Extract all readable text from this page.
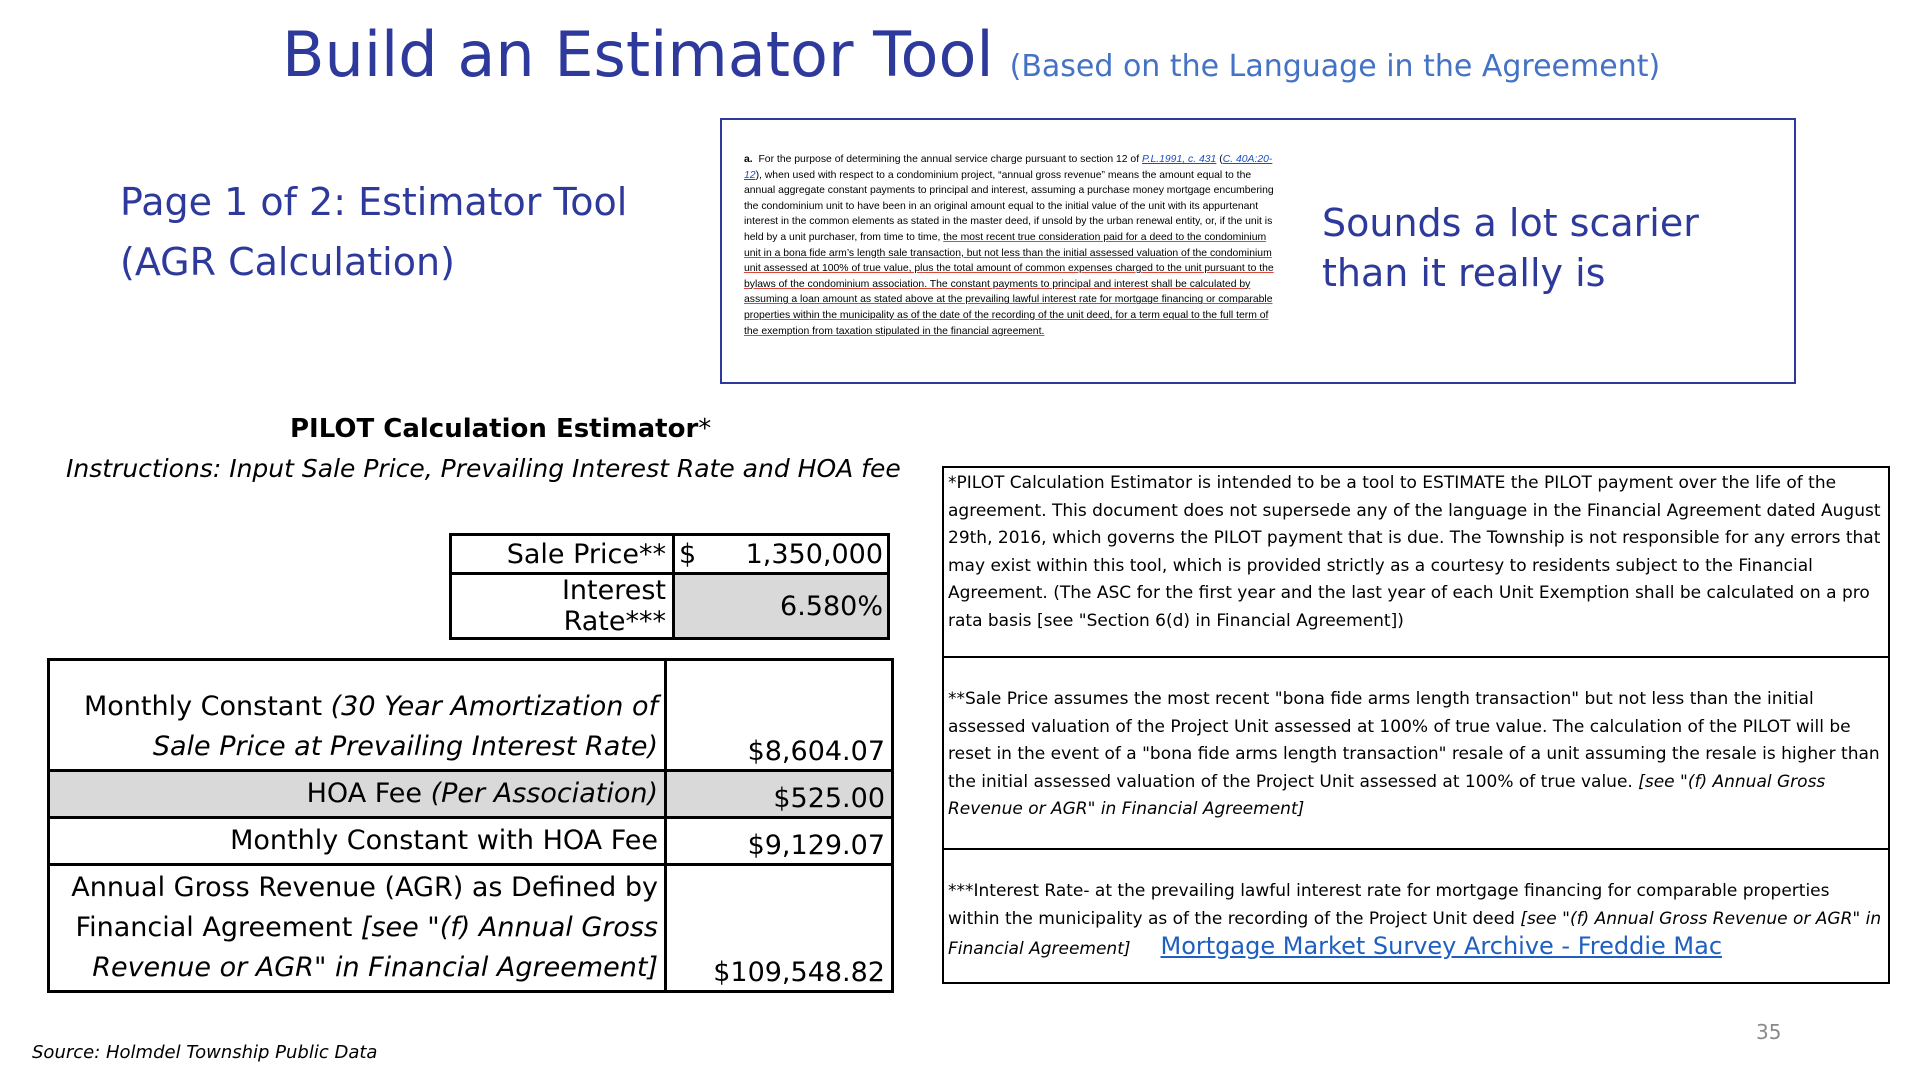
Build an Estimator Tool (Based on the Language in the Agreement)
Page 1 of 2: Estimator Tool
(AGR Calculation)
a. For the purpose of determining the annual service charge pursuant to section 12 of P.L.1991, c. 431 (C. 40A:20-12), when used with respect to a condominium project, “annual gross revenue” means the amount equal to the annual aggregate constant payments to principal and interest, assuming a purchase money mortgage encumbering the condominium unit to have been in an original amount equal to the initial value of the unit with its appurtenant interest in the common elements as stated in the master deed, if unsold by the urban renewal entity, or, if the unit is held by a unit purchaser, from time to time, the most recent true consideration paid for a deed to the condominium unit in a bona fide arm’s length sale transaction, but not less than the initial assessed valuation of the condominium unit assessed at 100% of true value, plus the total amount of common expenses charged to the unit pursuant to the bylaws of the condominium association. The constant payments to principal and interest shall be calculated by assuming a loan amount as stated above at the prevailing lawful interest rate for mortgage financing or comparable properties within the municipality as of the date of the recording of the unit deed, for a term equal to the full term of the exemption from taxation stipulated in the financial agreement.
Sounds a lot scarier
than it really is
PILOT Calculation Estimator*
Instructions: Input Sale Price, Prevailing Interest Rate and HOA fee
Sale Price**	$ 1,350,000

Interest Rate***	6.580%
Monthly Constant (30 Year Amortization of Sale Price at Prevailing Interest Rate)	$8,604.07
HOA Fee (Per Association)	$525.00
Monthly Constant with HOA Fee	$9,129.07
Annual Gross Revenue (AGR) as Defined by Financial Agreement [see "(f) Annual Gross Revenue or AGR" in Financial Agreement]	$109,548.82
*PILOT Calculation Estimator is intended to be a tool to ESTIMATE the PILOT payment over the life of the agreement. This document does not supersede any of the language in the Financial Agreement dated August 29th, 2016, which governs the PILOT payment that is due. The Township is not responsible for any errors that may exist within this tool, which is provided strictly as a courtesy to residents subject to the Financial Agreement. (The ASC for the first year and the last year of each Unit Exemption shall be calculated on a pro rata basis [see "Section 6(d) in Financial Agreement])
**Sale Price assumes the most recent "bona fide arms length transaction" but not less than the initial assessed valuation of the Project Unit assessed at 100% of true value. The calculation of the PILOT will be reset in the event of a "bona fide arms length transaction" resale of a unit assuming the resale is higher than the initial assessed valuation of the Project Unit assessed at 100% of true value. [see "(f) Annual Gross Revenue or AGR" in Financial Agreement]
***Interest Rate- at the prevailing lawful interest rate for mortgage financing for comparable properties within the municipality as of the recording of the Project Unit deed [see "(f) Annual Gross Revenue or AGR" in Financial Agreement] Mortgage Market Survey Archive - Freddie Mac
35
Source: Holmdel Township Public Data
